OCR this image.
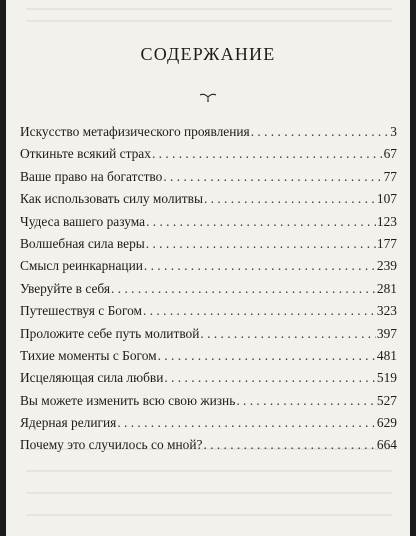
СОДЕРЖАНИЕ
Искусство метафизического проявления . . .	3
Откиньте всякий страх . . .	67
Ваше право на богатство . . .	77
Как использовать силу молитвы . . .	107
Чудеса вашего разума . . .	123
Волшебная сила веры . . .	177
Смысл реинкарнации . . .	239
Уверуйте в себя . . .	281
Путешествуя с Богом . . .	323
Проложите себе путь молитвой . . .	397
Тихие моменты с Богом . . .	481
Исцеляющая сила любви . . .	519
Вы можете изменить всю свою жизнь . . .	527
Ядерная религия . . .	629
Почему это случилось со мной? . . .	664
